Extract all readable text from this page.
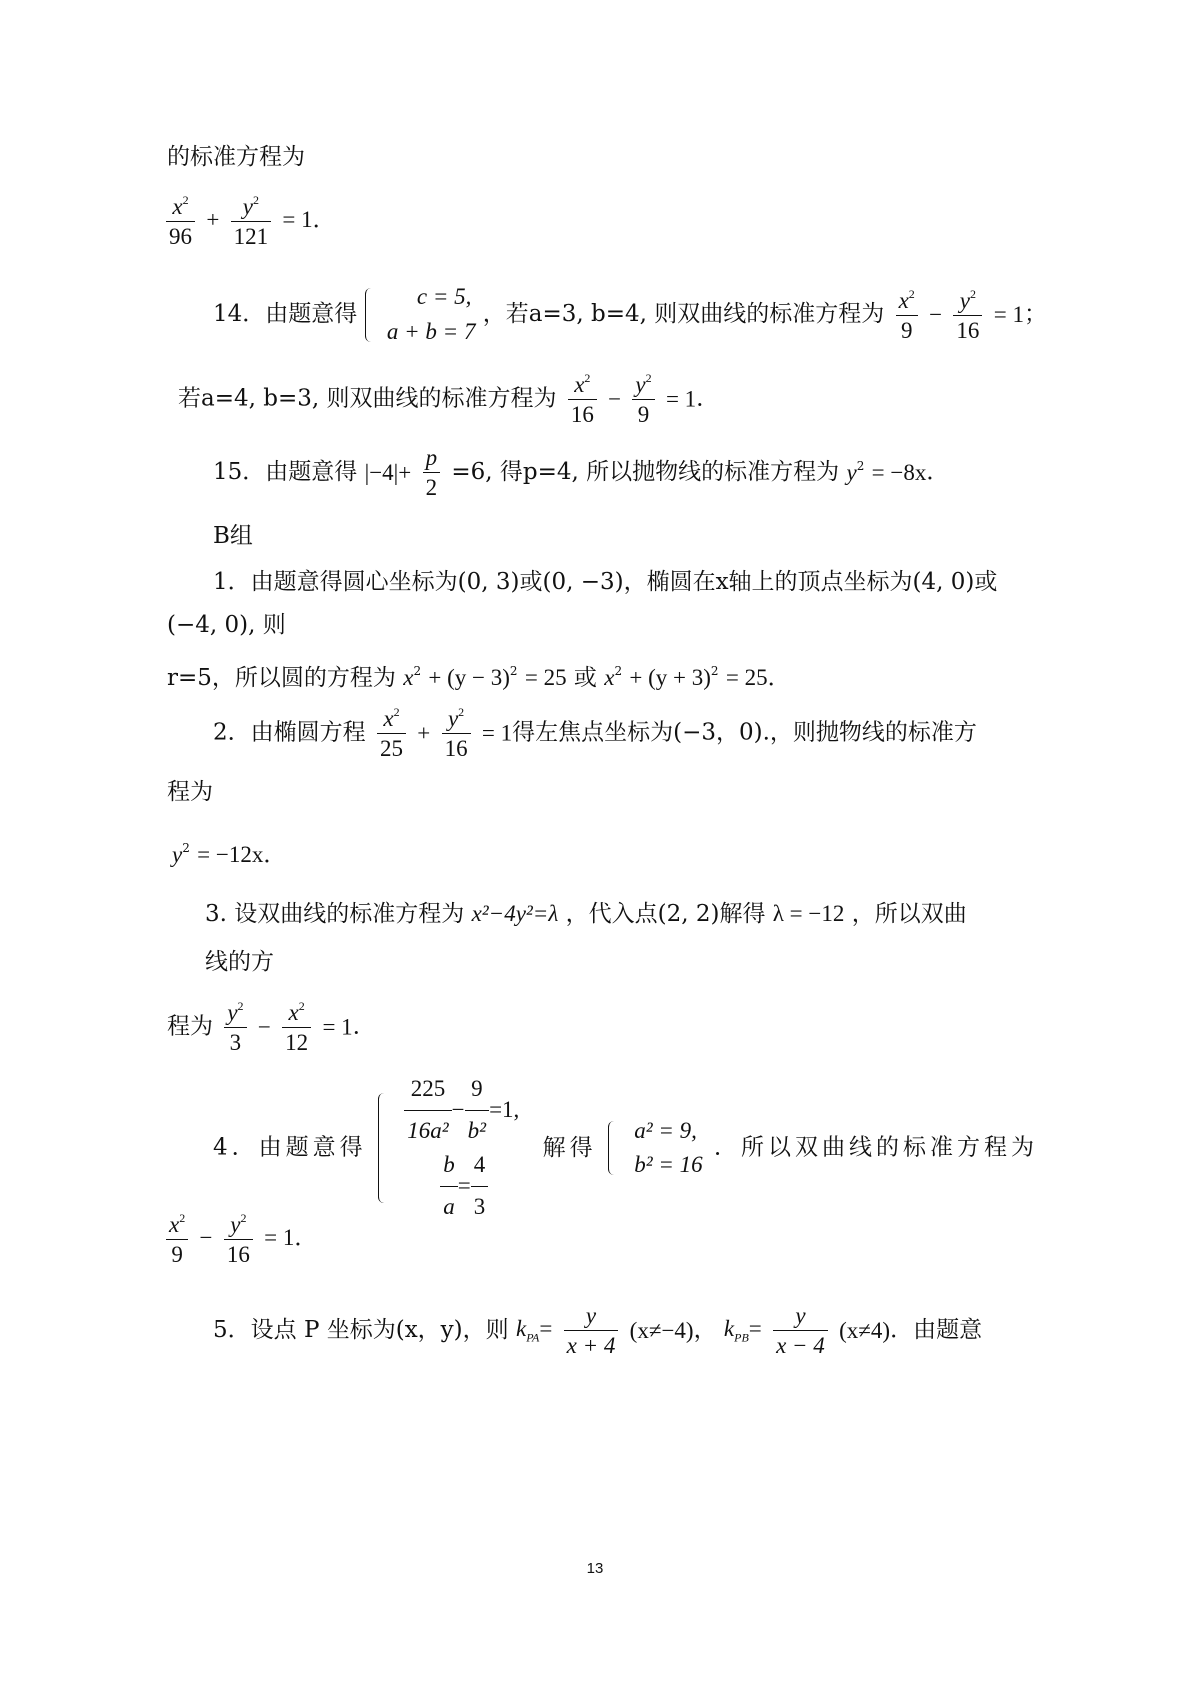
的标准方程为
$\frac{x^2}{96} + \frac{y^2}{121} = 1$．
14．由题意得
c = 5,
a + b = 7
，若a=3, b=4, 则双曲线的标准方程为 $\frac{x^2}{9} - \frac{y^2}{16} = 1$；
若a=4, b=3, 则双曲线的标准方程为 $\frac{x^2}{16} - \frac{y^2}{9} = 1$．
15．由题意得 $|-4|+ \frac{p}{2} =6$, 得p=4, 所以抛物线的标准方程为 $y^2 = -8x$．
B组
1．由题意得圆心坐标为(0, 3)或(0, −3)，椭圆在x轴上的顶点坐标为(4, 0)或
(−4, 0), 则
r=5，所以圆的方程为 $x^2 + (y - 3)^2 = 25$ 或 $x^2 + (y + 3)^2 = 25$．
2．由椭圆方程 $\frac{x^2}{25} + \frac{y^2}{16} = 1$得左焦点坐标为(−3，0).，则抛物线的标准方
程为
$y^2 = -12x$．
3. 设双曲线的标准方程为 x²−4y²=λ ，代入点(2, 2)解得 λ = −12 ，所以双曲
线的方
程为 $\frac{y^2}{3} - \frac{x^2}{12} = 1$．
4．由题意得 $\frac{225}{\text{16a²}} - \frac{9}{\text{b²}} =1$,
$\frac{b}{a} = \frac{4}{3}$
解得
a² = 9,
b² = 16
．所以双曲线的标准方程为
$\frac{x^2}{9} - \frac{y^2}{16} = 1$．
5．设点 P 坐标为(x，y)，则 $k_{PA}= \frac{y}{x + 4} (x\ne-4)$， $k_{PB}= \frac{y}{x - 4} (x\ne 4)$．由题意
13
